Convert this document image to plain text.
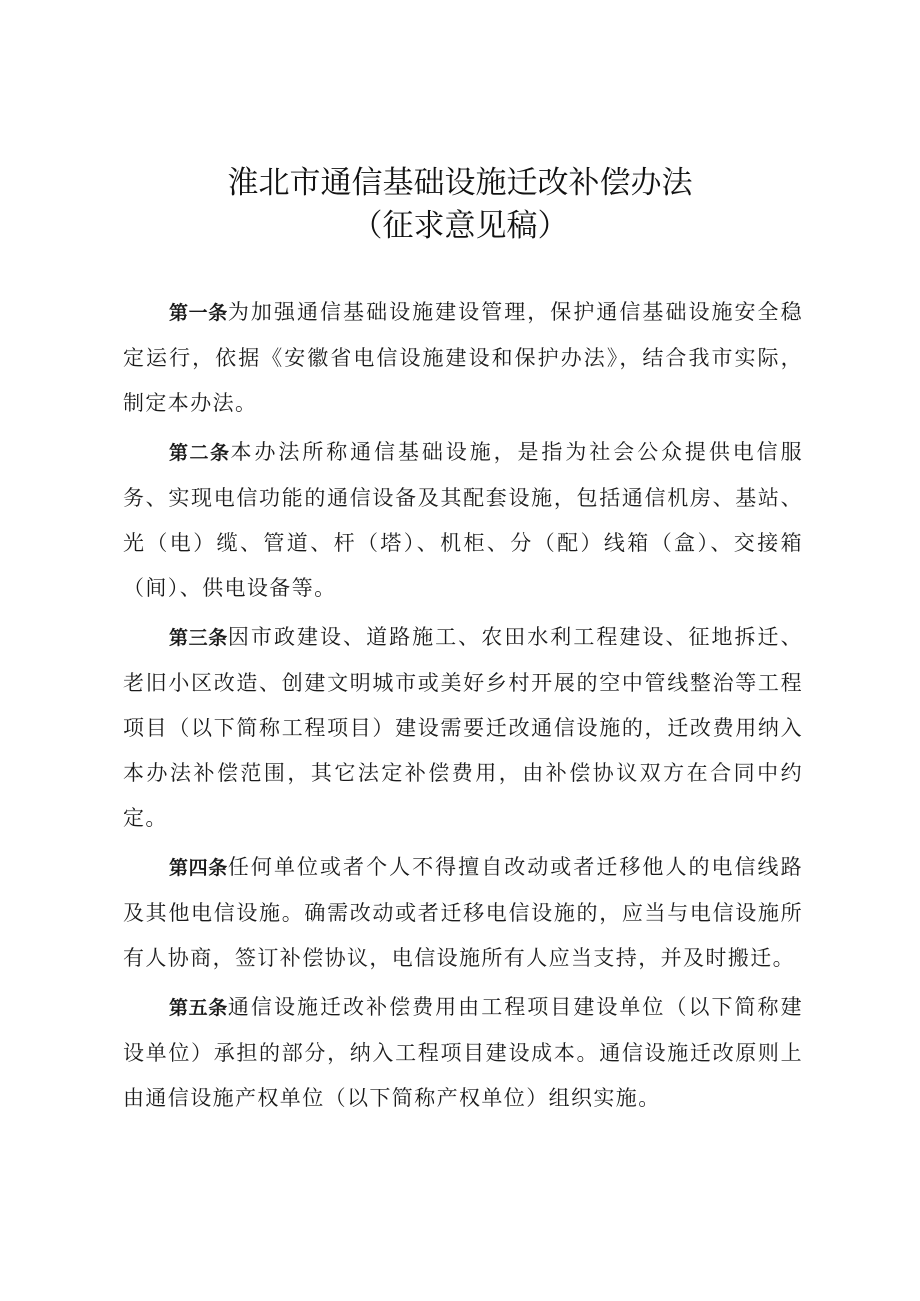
淮北市通信基础设施迁改补偿办法
（征求意见稿）

第一条为加强通信基础设施建设管理，保护通信基础设施安全稳定运行，依据《安徽省电信设施建设和保护办法》，结合我市实际，制定本办法。

第二条本办法所称通信基础设施，是指为社会公众提供电信服务、实现电信功能的通信设备及其配套设施，包括通信机房、基站、光（电）缆、管道、杆（塔）、机柜、分（配）线箱（盒）、交接箱（间）、供电设备等。

第三条因市政建设、道路施工、农田水利工程建设、征地拆迁、老旧小区改造、创建文明城市或美好乡村开展的空中管线整治等工程项目（以下简称工程项目）建设需要迁改通信设施的，迁改费用纳入本办法补偿范围，其它法定补偿费用，由补偿协议双方在合同中约定。

第四条任何单位或者个人不得擅自改动或者迁移他人的电信线路及其他电信设施。确需改动或者迁移电信设施的，应当与电信设施所有人协商，签订补偿协议，电信设施所有人应当支持，并及时搬迁。

第五条通信设施迁改补偿费用由工程项目建设单位（以下简称建设单位）承担的部分，纳入工程项目建设成本。通信设施迁改原则上由通信设施产权单位（以下简称产权单位）组织实施。
